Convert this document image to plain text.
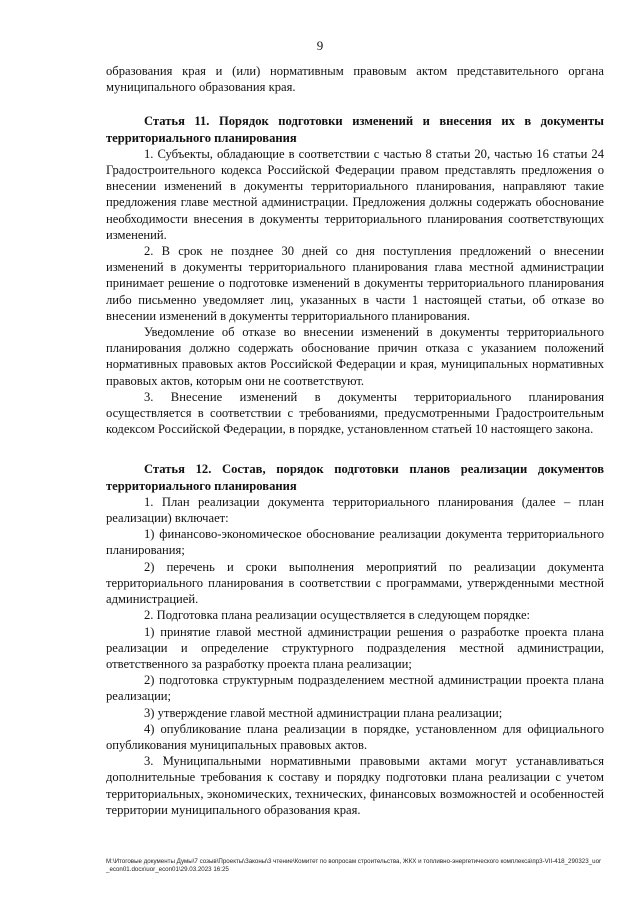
9

образования края и (или) нормативным правовым актом представительного органа муниципального образования края.

Статья 11. Порядок подготовки изменений и внесения их в документы территориального планирования

1. Субъекты, обладающие в соответствии с частью 8 статьи 20, частью 16 статьи 24 Градостроительного кодекса Российской Федерации правом представлять предложения о внесении изменений в документы территориального планирования, направляют такие предложения главе местной администрации. Предложения должны содержать обоснование необходимости внесения в документы территориального планирования соответствующих изменений.

2. В срок не позднее 30 дней со дня поступления предложений о внесении изменений в документы территориального планирования глава местной администрации принимает решение о подготовке изменений в документы территориального планирования либо письменно уведомляет лиц, указанных в части 1 настоящей статьи, об отказе во внесении изменений в документы территориального планирования.

Уведомление об отказе во внесении изменений в документы территориального планирования должно содержать обоснование причин отказа с указанием положений нормативных правовых актов Российской Федерации и края, муниципальных нормативных правовых актов, которым они не соответствуют.

3. Внесение изменений в документы территориального планирования осуществляется в соответствии с требованиями, предусмотренными Градостроительным кодексом Российской Федерации, в порядке, установленном статьей 10 настоящего закона.

Статья 12. Состав, порядок подготовки планов реализации документов территориального планирования

1. План реализации документа территориального планирования (далее – план реализации) включает:

1) финансово-экономическое обоснование реализации документа территориального планирования;

2) перечень и сроки выполнения мероприятий по реализации документа территориального планирования в соответствии с программами, утвержденными местной администрацией.

2. Подготовка плана реализации осуществляется в следующем порядке:

1) принятие главой местной администрации решения о разработке проекта плана реализации и определение структурного подразделения местной администрации, ответственного за разработку проекта плана реализации;

2) подготовка структурным подразделением местной администрации проекта плана реализации;

3) утверждение главой местной администрации плана реализации;

4) опубликование плана реализации в порядке, установленном для официального опубликования муниципальных правовых актов.

3. Муниципальными нормативными правовыми актами могут устанавливаться дополнительные требования к составу и порядку подготовки плана реализации с учетом территориальных, экономических, технических, финансовых возможностей и особенностей территории муниципального образования края.

М:\Итоговые документы Думы\7 созыв\Проекты\Законы\3 чтение\Комитет по вопросам строительства, ЖКХ и топливно-энергетического комплекса\пр3-VII-418_290323_uor_econ01.docx\uor_econ01\29.03.2023 16:25
